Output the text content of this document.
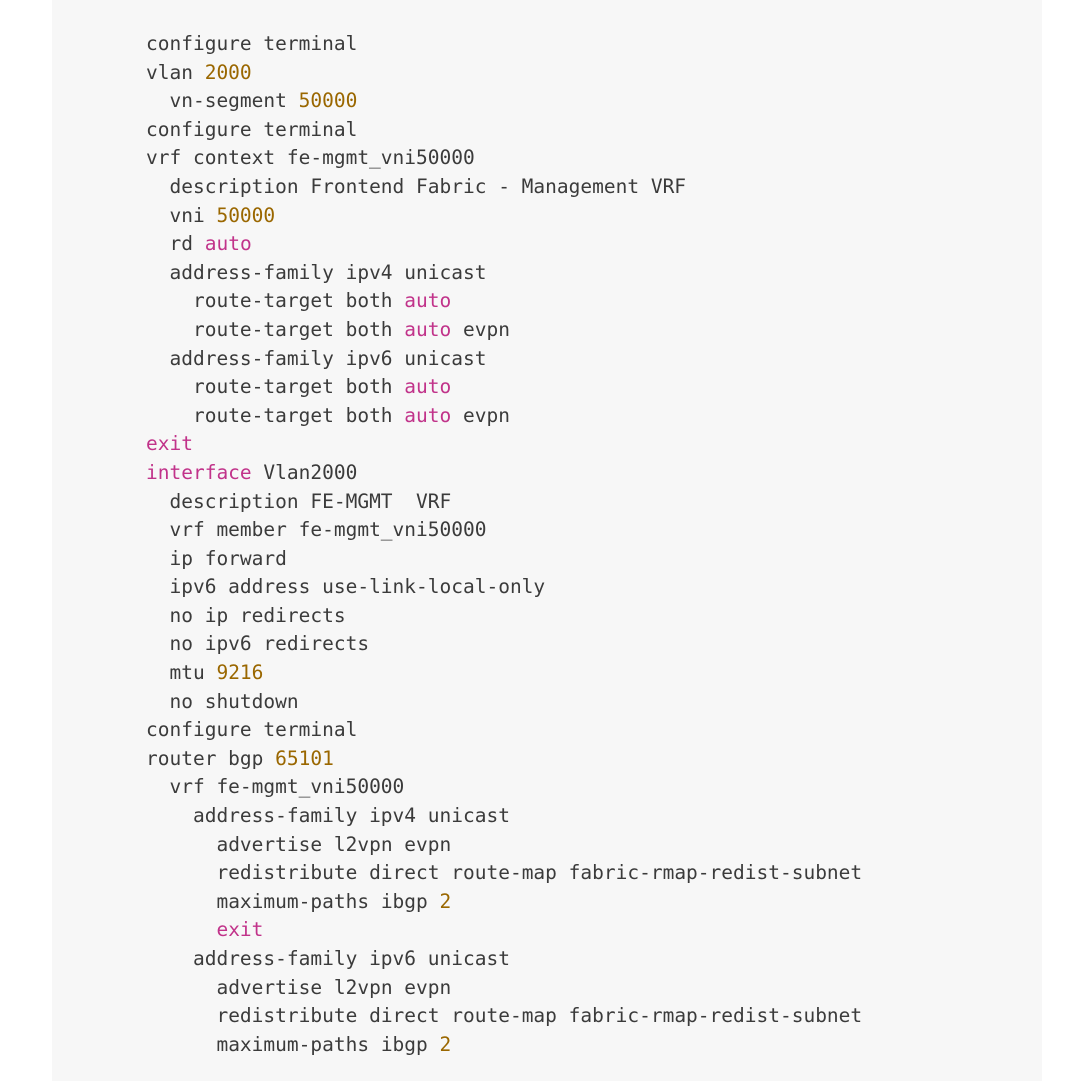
configure terminal

vlan 2000

vn-segment 50000

configure terminal

vrf context fe-mgmt_vni50000

description Frontend Fabric - Management VRF

vni 50000

rd auto

address-family ipv4 unicast

route-target both auto

route-target both auto evpn

address-family ipv6 unicast

route-target both auto

route-target both auto evpn

exit

interface Vlan2000

description FE-MGMT  VRF

vrf member fe-mgmt_vni50000

ip forward

ipv6 address use-link-local-only

no ip redirects

no ipv6 redirects

mtu 9216

no shutdown

configure terminal

router bgp 65101

vrf fe-mgmt_vni50000

address-family ipv4 unicast

advertise l2vpn evpn

redistribute direct route-map fabric-rmap-redist-subnet

maximum-paths ibgp 2

exit

address-family ipv6 unicast

advertise l2vpn evpn

redistribute direct route-map fabric-rmap-redist-subnet

maximum-paths ibgp 2
